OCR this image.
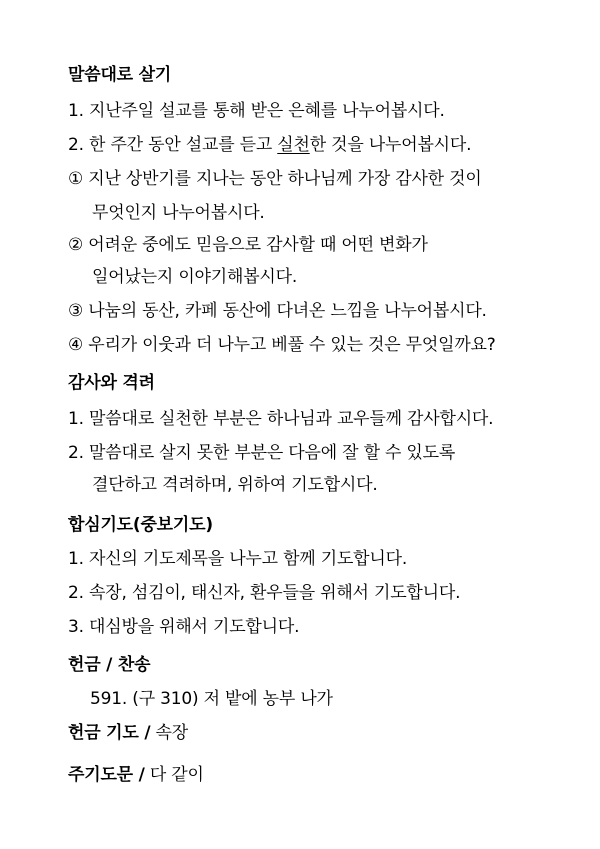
말씀대로 살기
1. 지난주일 설교를 통해 받은 은혜를 나누어봅시다.
2. 한 주간 동안 설교를 듣고 실천한 것을 나누어봅시다.
① 지난 상반기를 지나는 동안 하나님께 가장 감사한 것이
무엇인지 나누어봅시다.
② 어려운 중에도 믿음으로 감사할 때 어떤 변화가
일어났는지 이야기해봅시다.
③ 나눔의 동산, 카페 동산에 다녀온 느낌을 나누어봅시다.
④ 우리가 이웃과 더 나누고 베풀 수 있는 것은 무엇일까요?
감사와 격려
1. 말씀대로 실천한 부분은 하나님과 교우들께 감사합시다.
2. 말씀대로 살지 못한 부분은 다음에 잘 할 수 있도록
결단하고 격려하며, 위하여 기도합시다.
합심기도(중보기도)
1. 자신의 기도제목을 나누고 함께 기도합니다.
2. 속장, 섬김이, 태신자, 환우들을 위해서 기도합니다.
3. 대심방을 위해서 기도합니다.
헌금 / 찬송
591. (구 310) 저 밭에 농부 나가
헌금 기도 / 속장
주기도문 / 다 같이
